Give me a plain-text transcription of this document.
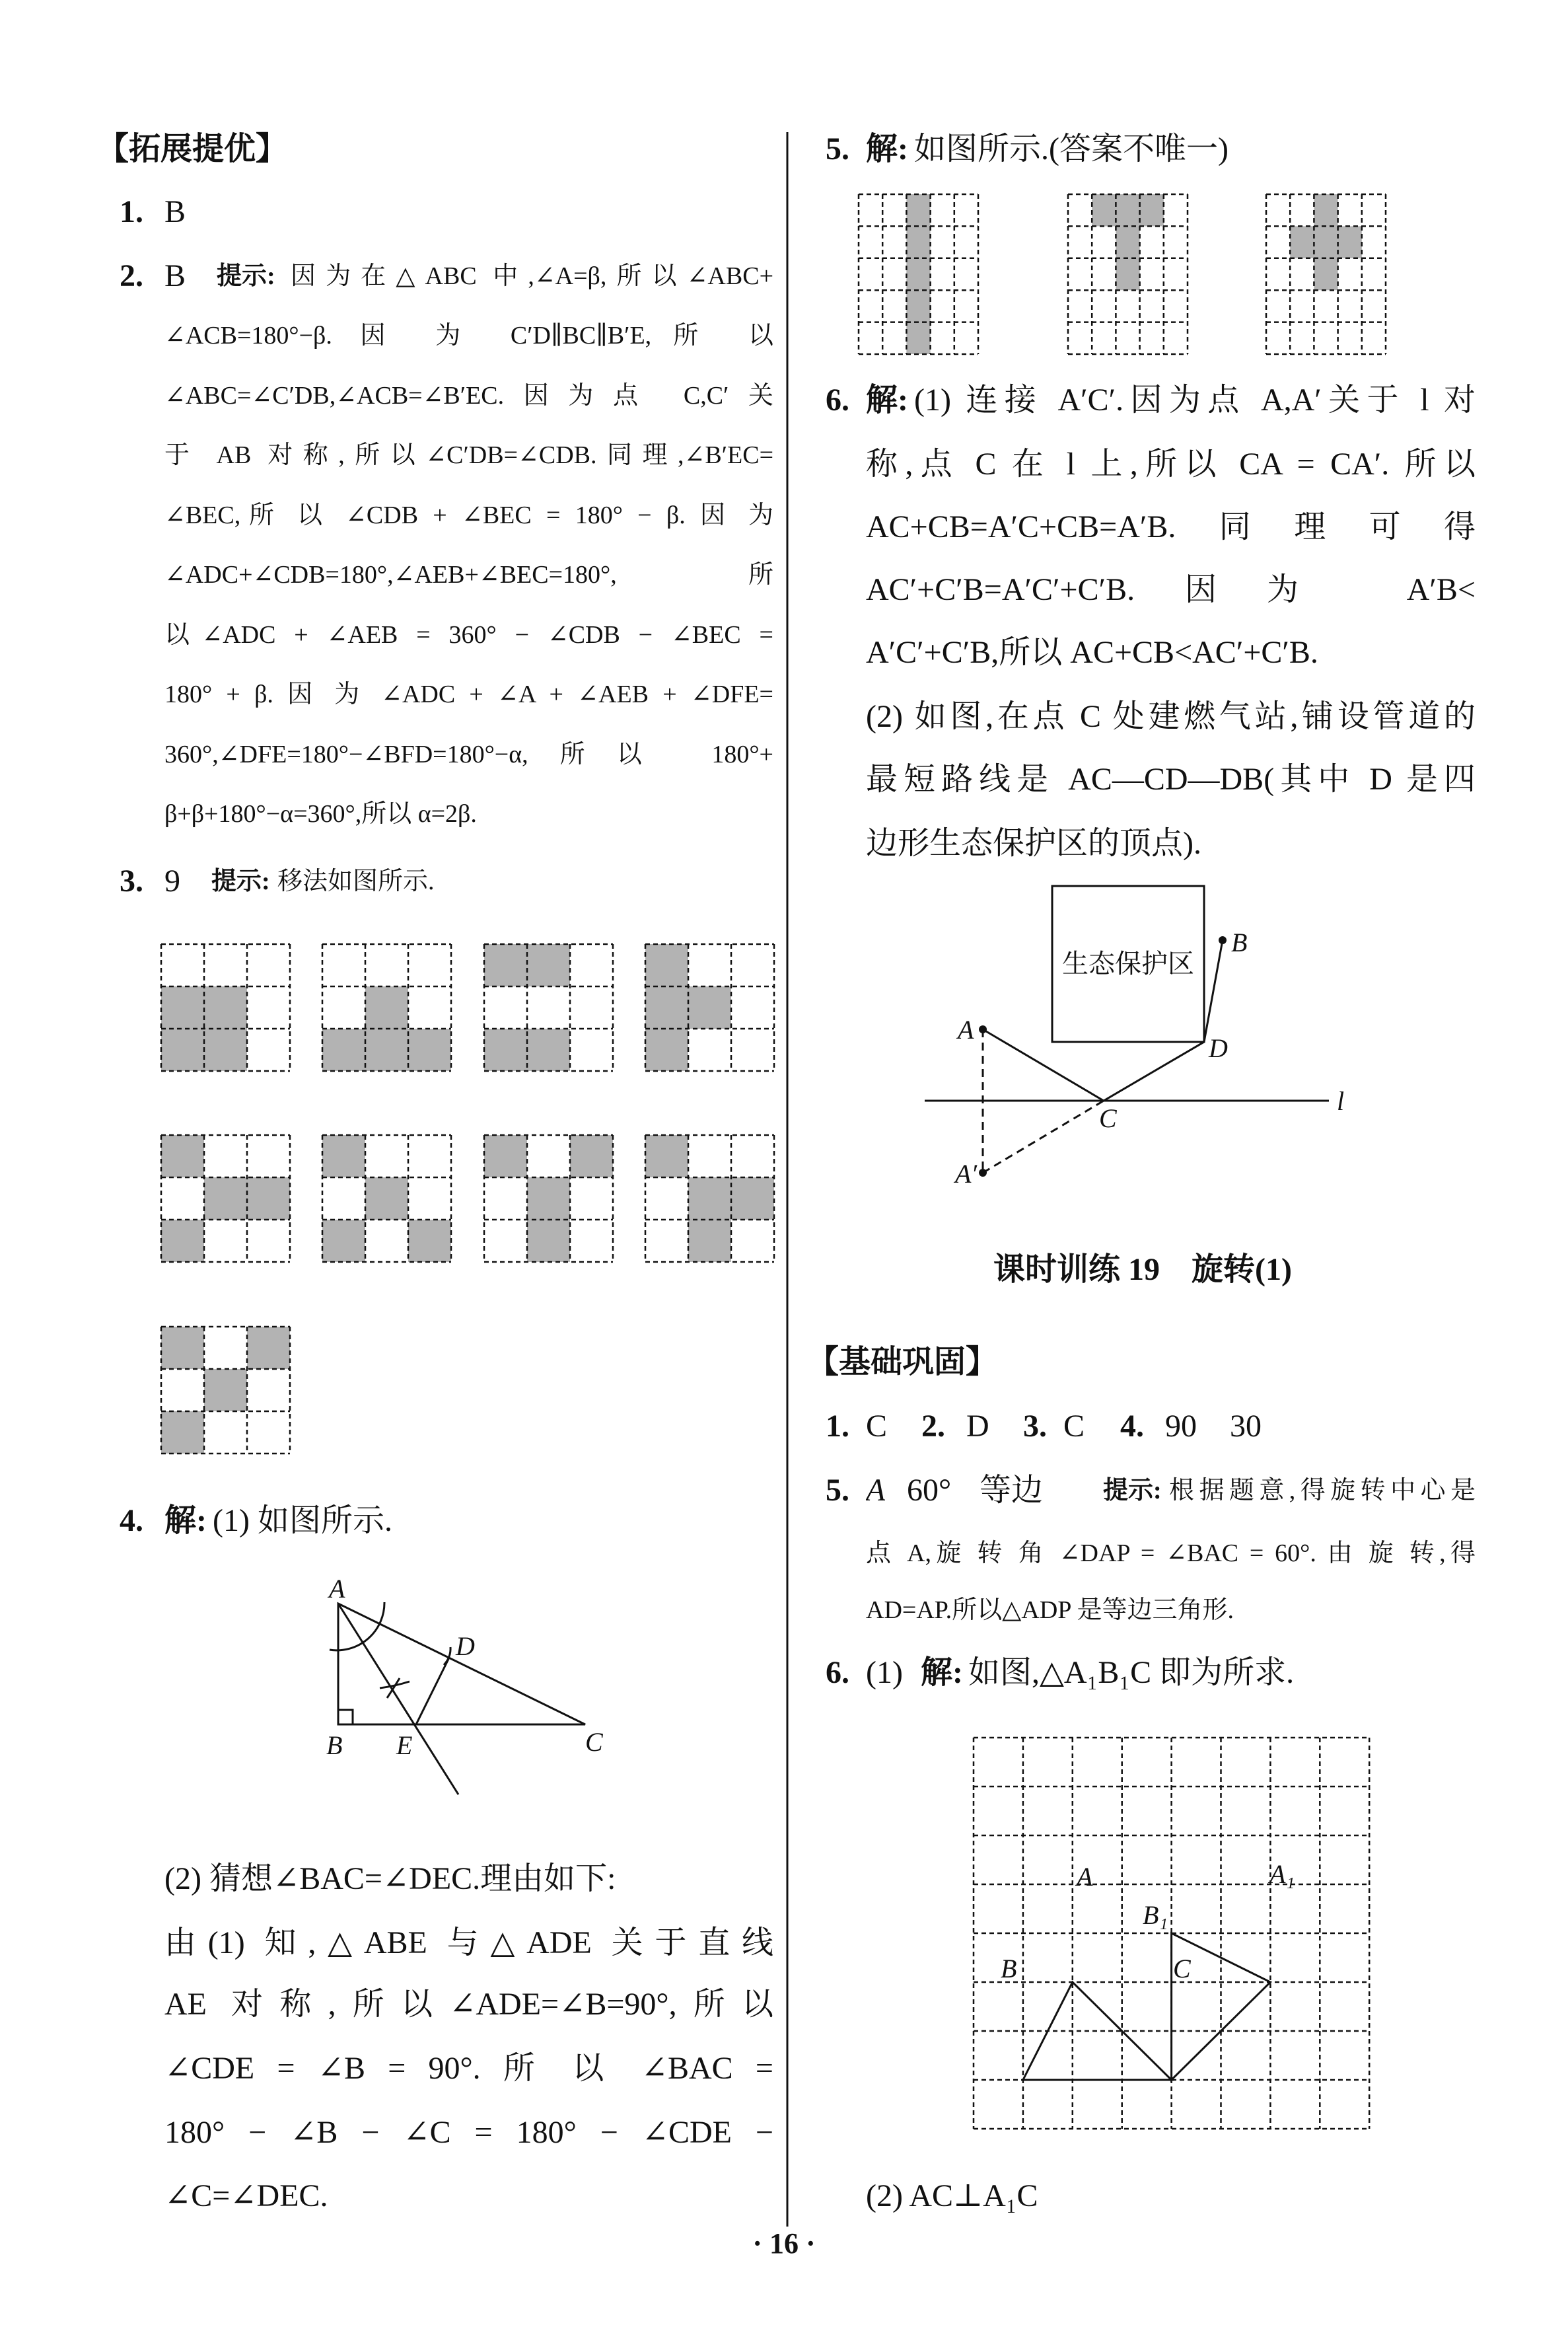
A
B E	C
D
生态保护区
A
B
C
D
A′
l
B
A
C
A₁
B₁
【拓展提优】
1. B
2. B 提示: 因为在△ABC 中,∠A=β,所以∠ABC+
∠ACB=180°−β. 因 为 C′D∥BC∥B′E,所 以
∠ABC=∠C′DB,∠ACB=∠B′EC.因为点 C,C′关
于 AB 对称,所以∠C′DB=∠CDB.同理,∠B′EC=
∠BEC,所 以 ∠CDB + ∠BEC = 180° − β. 因 为
∠ADC+∠CDB=180°,∠AEB+∠BEC=180°,所
以∠ADC + ∠AEB = 360° − ∠CDB − ∠BEC =
180° + β. 因 为 ∠ADC + ∠A + ∠AEB + ∠DFE=
360°,∠DFE=180°−∠BFD=180°−α,所以 180°+
β+β+180°−α=360°,所以 α=2β.
3. 9 提示: 移法如图所示.
4. 解: (1) 如图所示.
(2) 猜想∠BAC=∠DEC.理由如下:
由(1) 知,△ABE 与△ADE 关于直线
AE 对称,所以∠ADE=∠B=90°,所以
∠CDE = ∠B = 90°. 所 以 ∠BAC =
180° − ∠B − ∠C = 180° − ∠CDE −
∠C=∠DEC.
· 16 ·
5. 解: 如图所示.(答案不唯一)
6. 解: (1) 连接 A′C′.因为点 A,A′关于 l 对
称,点 C 在 l 上,所以 CA = CA′. 所以
AC+CB=A′C+CB=A′B.同理可得
AC′+C′B=A′C′+C′B.因为 A′B<
A′C′+C′B,所以 AC+CB<AC′+C′B.
(2) 如图,在点 C 处建燃气站,铺设管道的
最短路线是 AC—CD—DB(其中 D 是四
边形生态保护区的顶点).
课时训练 19　旋转(1)
【基础巩固】
1. C 2. D 3. C 4. 90 30
5. A 60° 等边 提示: 根据题意,得旋转中心是
点 A,旋 转 角 ∠DAP = ∠BAC = 60°. 由 旋 转,得
AD=AP.所以△ADP 是等边三角形.
6. (1) 解: 如图,△A₁B₁C 即为所求.
(2) AC⊥A₁C
